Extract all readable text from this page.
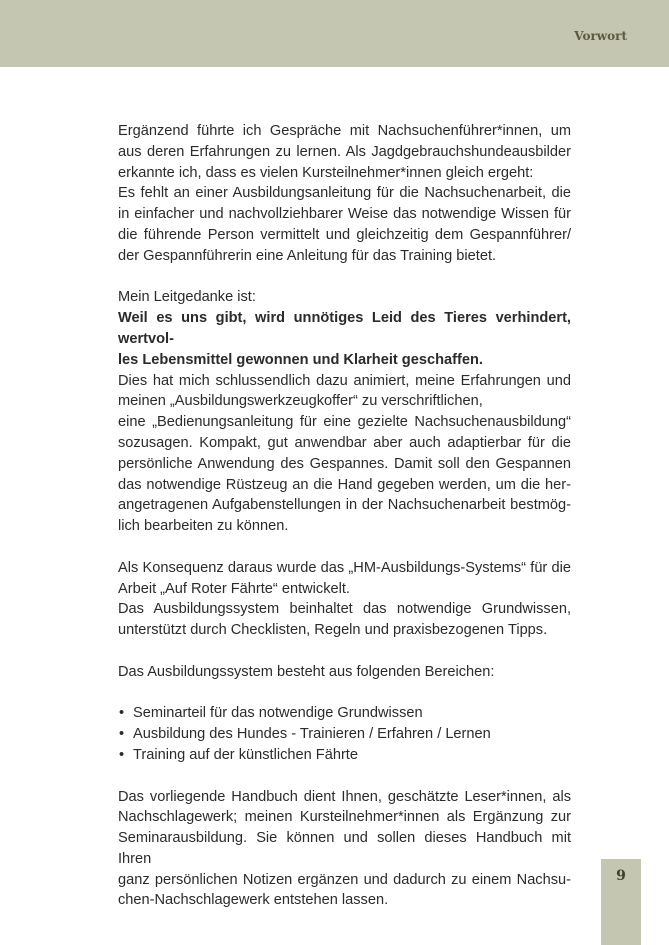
Vorwort

Ergänzend führte ich Gespräche mit Nachsuchenführer*innen, um

aus deren Erfahrungen zu lernen. Als Jagdgebrauchshundeausbilder

erkannte ich, dass es vielen Kursteilnehmer*innen gleich ergeht:

Es fehlt an einer Ausbildungsanleitung für die Nachsuchenarbeit, die

in einfacher und nachvollziehbarer Weise das notwendige Wissen für

die führende Person vermittelt und gleichzeitig dem Gespannführer/

der Gespannführerin eine Anleitung für das Training bietet.

Mein Leitgedanke ist:

Weil es uns gibt, wird unnötiges Leid des Tieres verhindert, wertvol-

les Lebensmittel gewonnen und Klarheit geschaffen.

Dies hat mich schlussendlich dazu animiert, meine Erfahrungen und

meinen „Ausbildungswerkzeugkoffer“ zu verschriftlichen,

eine „Bedienungsanleitung für eine gezielte Nachsuchenausbildung“

sozusagen. Kompakt, gut anwendbar aber auch adaptierbar für die

persönliche Anwendung des Gespannes. Damit soll den Gespannen

das notwendige Rüstzeug an die Hand gegeben werden, um die her-

angetragenen Aufgabenstellungen in der Nachsuchenarbeit bestmög-

lich bearbeiten zu können.

Als Konsequenz daraus wurde das „HM-Ausbildungs-Systems“ für die

Arbeit „Auf Roter Fährte“ entwickelt.

Das Ausbildungssystem beinhaltet das notwendige Grundwissen,

unterstützt durch Checklisten, Regeln und praxisbezogenen Tipps.

Das Ausbildungssystem besteht aus folgenden Bereichen:

• Seminarteil für das notwendige Grundwissen
• Ausbildung des Hundes - Trainieren / Erfahren / Lernen
• Training auf der künstlichen Fährte

Das vorliegende Handbuch dient Ihnen, geschätzte Leser*innen, als

Nachschlagewerk; meinen Kursteilnehmer*innen als Ergänzung zur

Seminarausbildung. Sie können und sollen dieses Handbuch mit Ihren

ganz persönlichen Notizen ergänzen und dadurch zu einem Nachsu-

chen-Nachschlagewerk entstehen lassen.

9
